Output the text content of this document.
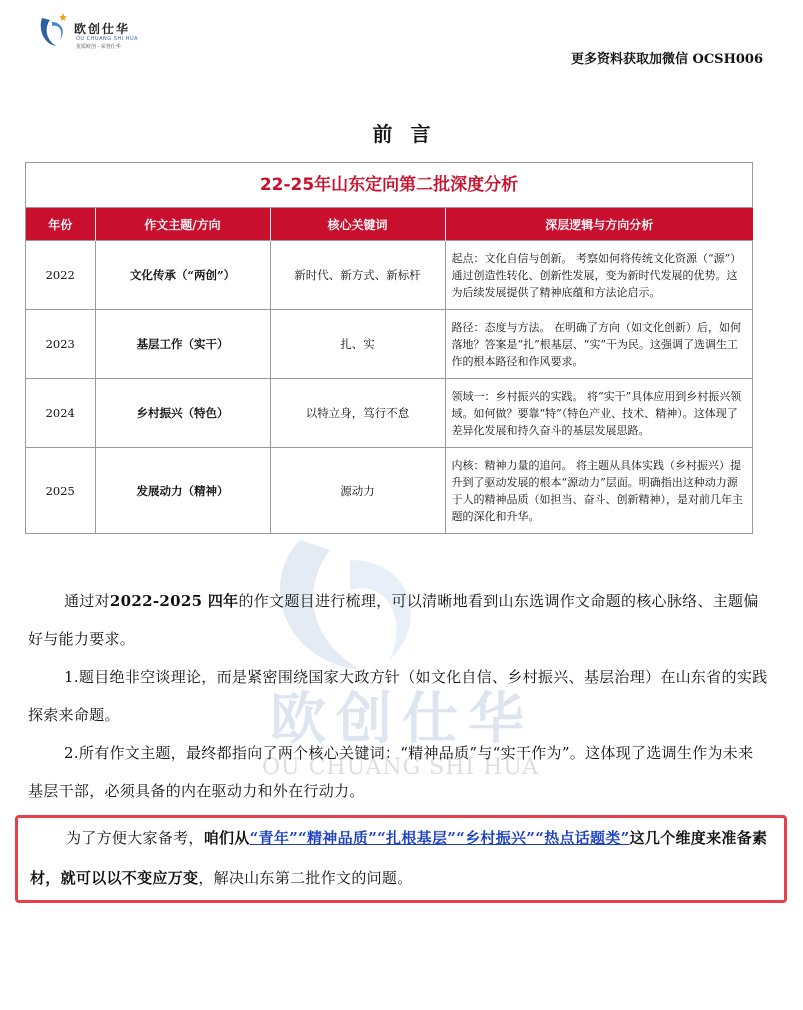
欧创仕华
OU CHUANG SHI HUA
优质欧创 · 荣誉仕华
更多资料获取加微信 OCSH006
前言
欧创仕华
OU CHUANG SHI HUA
22-25年山东定向第二批深度分析
年份	作文主题/方向	核心关键词	深层逻辑与方向分析
2022	文化传承（“两创”）	新时代、新方式、新标杆	起点：文化自信与创新。 考察如何将传统文化资源（“源”）通过创造性转化、创新性发展，变为新时代发展的优势。这为后续发展提供了精神底蕴和方法论启示。
2023	基层工作（实干）	扎、实	路径：态度与方法。 在明确了方向（如文化创新）后，如何落地？答案是“扎”根基层、“实”干为民。这强调了选调生工作的根本路径和作风要求。
2024	乡村振兴（特色）	以特立身，笃行不怠	领域一：乡村振兴的实践。 将“实干”具体应用到乡村振兴领域。如何做？要靠“特”（特色产业、技术、精神）。这体现了差异化发展和持久奋斗的基层发展思路。
2025	发展动力（精神）	源动力	内核：精神力量的追问。 将主题从具体实践（乡村振兴）提升到了驱动发展的根本“源动力”层面。明确指出这种动力源于人的精神品质（如担当、奋斗、创新精神），是对前几年主题的深化和升华。
通过对2022-2025 四年的作文题目进行梳理，可以清晰地看到山东选调作文命题的核心脉络、主题偏好与能力要求。
1.题目绝非空谈理论，而是紧密围绕国家大政方针（如文化自信、乡村振兴、基层治理）在山东省的实践探索来命题。
2.所有作文主题，最终都指向了两个核心关键词：“精神品质”与“实干作为”。这体现了选调生作为未来基层干部，必须具备的内在驱动力和外在行动力。
为了方便大家备考，咱们从“青年”“精神品质”“扎根基层”“乡村振兴”“热点话题类”这几个维度来准备素材，就可以以不变应万变，解决山东第二批作文的问题。
